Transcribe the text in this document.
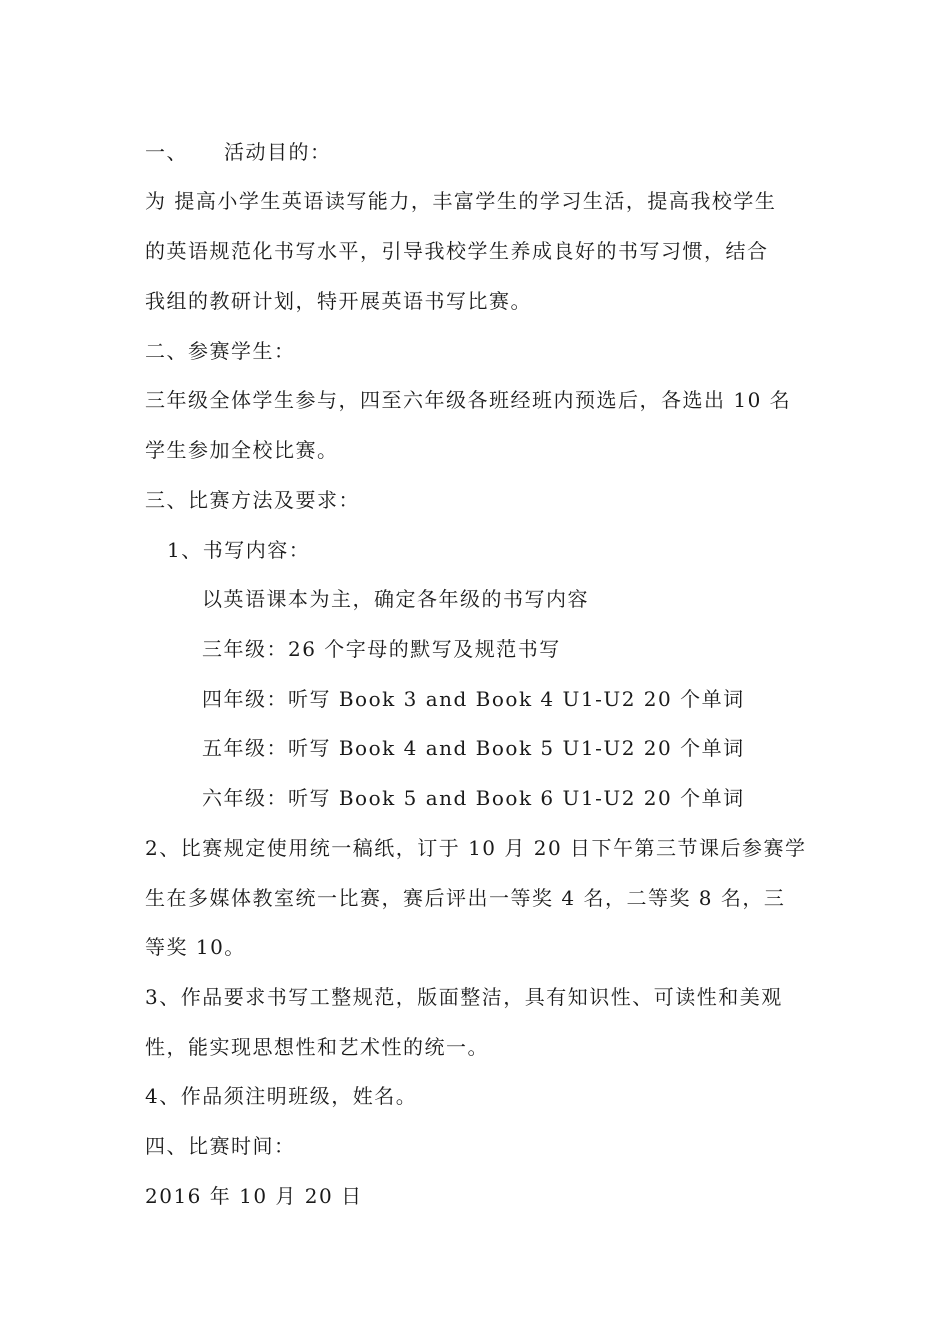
一、 活动目的：
为 提高小学生英语读写能力，丰富学生的学习生活，提高我校学生
的英语规范化书写水平，引导我校学生养成良好的书写习惯，结合
我组的教研计划，特开展英语书写比赛。
二、参赛学生：
三年级全体学生参与，四至六年级各班经班内预选后，各选出 10 名
学生参加全校比赛。
三、比赛方法及要求：
1、书写内容：
以英语课本为主，确定各年级的书写内容
三年级：26 个字母的默写及规范书写
四年级：听写 Book 3 and Book 4 U1-U2 20 个单词
五年级：听写 Book 4 and Book 5 U1-U2 20 个单词
六年级：听写 Book 5 and Book 6 U1-U2 20 个单词
2、比赛规定使用统一稿纸，订于 10 月 20 日下午第三节课后参赛学
生在多媒体教室统一比赛，赛后评出一等奖 4 名，二等奖 8 名，三
等奖 10。
3、作品要求书写工整规范，版面整洁，具有知识性、可读性和美观
性，能实现思想性和艺术性的统一。
4、作品须注明班级，姓名。
四、比赛时间：
2016 年 10 月 20 日
